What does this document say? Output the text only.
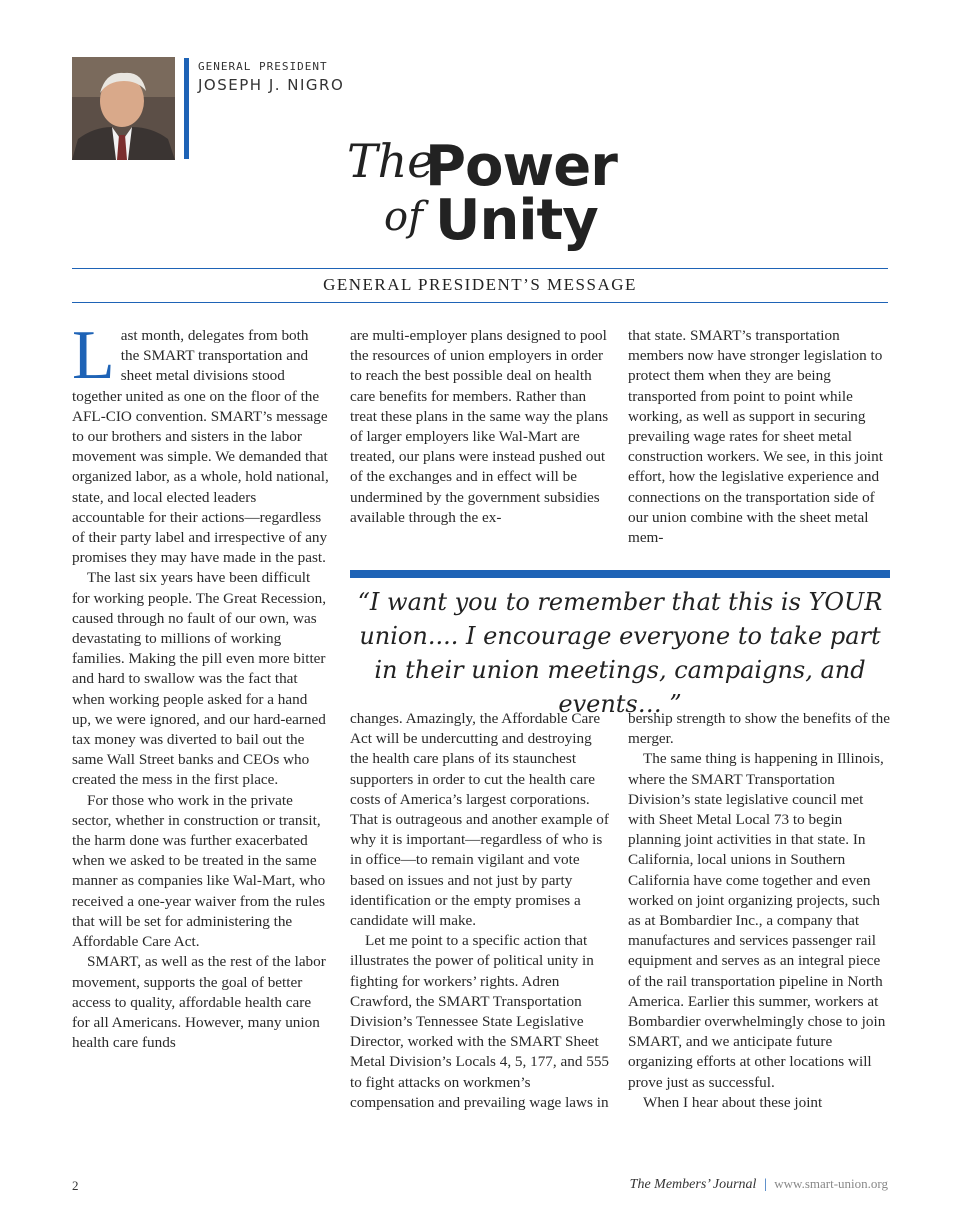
GENERAL PRESIDENT
JOSEPH J. NIGRO
The
Power
of Unity
GENERAL PRESIDENT’S MESSAGE

Last month, delegates from both the SMART transportation and sheet metal divisions stood together united as one on the floor of the AFL-CIO convention. SMART’s message to our brothers and sisters in the labor movement was simple. We demanded that organized labor, as a whole, hold national, state, and local elected leaders accountable for their actions—regardless of their party label and irrespective of any promises they may have made in the past.

The last six years have been difficult for working people. The Great Recession, caused through no fault of our own, was devastating to millions of working families. Making the pill even more bitter and hard to swallow was the fact that when working people asked for a hand up, we were ignored, and our hard-earned tax money was diverted to bail out the same Wall Street banks and CEOs who created the mess in the first place.

For those who work in the private sector, whether in construction or transit, the harm done was further exacerbated when we asked to be treated in the same manner as companies like Wal-Mart, who received a one-year waiver from the rules that will be set for administering the Affordable Care Act.

SMART, as well as the rest of the labor movement, supports the goal of better access to quality, affordable health care for all Americans. However, many union health care funds

are multi-employer plans designed to pool the resources of union employers in order to reach the best possible deal on health care benefits for members. Rather than treat these plans in the same way the plans of larger employers like Wal-Mart are treated, our plans were instead pushed out of the exchanges and in effect will be undermined by the government subsidies available through the ex-

that state. SMART’s transportation members now have stronger legislation to protect them when they are being transported from point to point while working, as well as support in securing prevailing wage rates for sheet metal construction workers. We see, in this joint effort, how the legislative experience and connections on the transportation side of our union combine with the sheet metal mem-

“I want you to remember that this is YOUR union.... I encourage everyone to take part in their union meetings, campaigns, and events… ”

changes. Amazingly, the Affordable Care Act will be undercutting and destroying the health care plans of its staunchest supporters in order to cut the health care costs of America’s largest corporations. That is outrageous and another example of why it is important—regardless of who is in office—to remain vigilant and vote based on issues and not just by party identification or the empty promises a candidate will make.

Let me point to a specific action that illustrates the power of political unity in fighting for workers’ rights. Adren Crawford, the SMART Transportation Division’s Tennessee State Legislative Director, worked with the SMART Sheet Metal Division’s Locals 4, 5, 177, and 555 to fight attacks on workmen’s compensation and prevailing wage laws in

bership strength to show the benefits of the merger.

The same thing is happening in Illinois, where the SMART Transportation Division’s state legislative council met with Sheet Metal Local 73 to begin planning joint activities in that state. In California, local unions in Southern California have come together and even worked on joint organizing projects, such as at Bombardier Inc., a company that manufactures and services passenger rail equipment and serves as an integral piece of the rail transportation pipeline in North America. Earlier this summer, workers at Bombardier overwhelmingly chose to join SMART, and we anticipate future organizing efforts at other locations will prove just as successful.

When I hear about these joint

2	The Members’ Journal | www.smart-union.org
